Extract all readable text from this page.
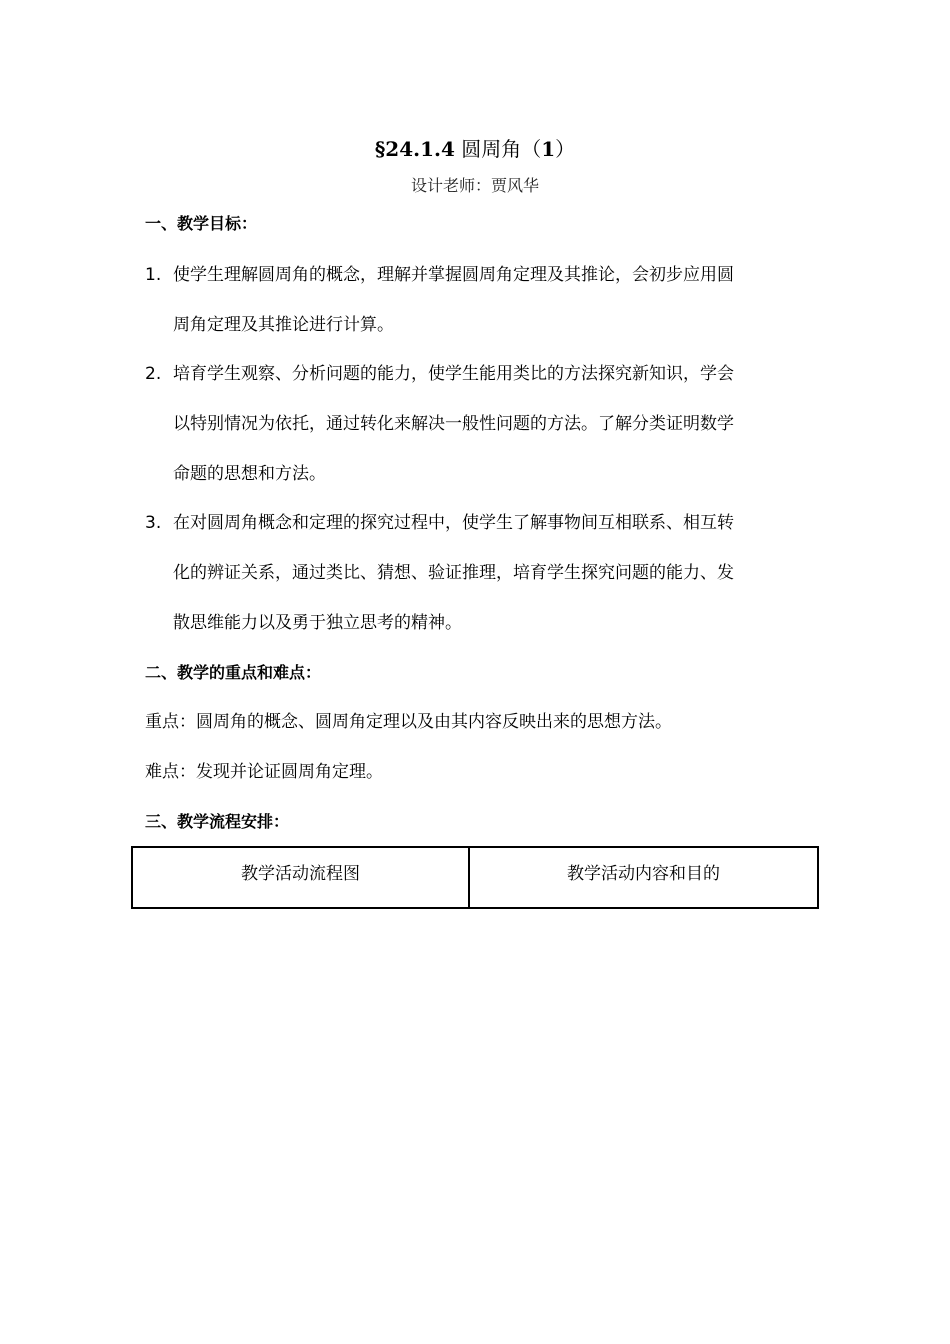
§24.1.4 圆周角（1）
设计老师：贾风华
一、教学目标：
1. 使学生理解圆周角的概念，理解并掌握圆周角定理及其推论，会初步应用圆
周角定理及其推论进行计算。
2. 培育学生观察、分析问题的能力，使学生能用类比的方法探究新知识，学会
以特别情况为依托，通过转化来解决一般性问题的方法。了解分类证明数学
命题的思想和方法。
3. 在对圆周角概念和定理的探究过程中，使学生了解事物间互相联系、相互转
化的辨证关系，通过类比、猜想、验证推理，培育学生探究问题的能力、发
散思维能力以及勇于独立思考的精神。
二、教学的重点和难点：
重点：圆周角的概念、圆周角定理以及由其内容反映出来的思想方法。
难点：发现并论证圆周角定理。
三、教学流程安排：
教学活动流程图	教学活动内容和目的
